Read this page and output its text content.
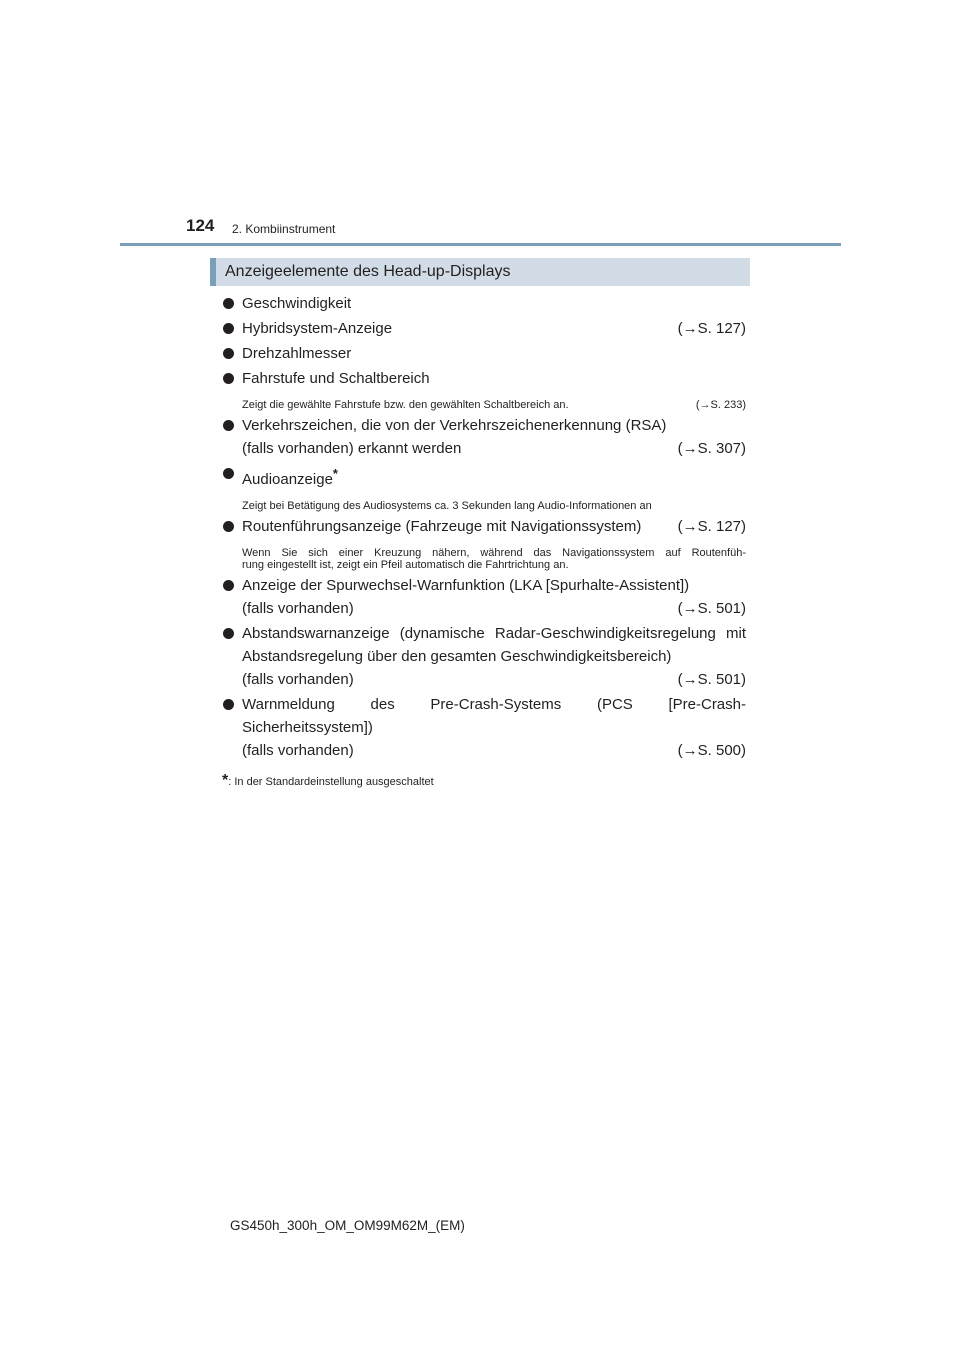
124 2. Kombiinstrument
Anzeigeelemente des Head-up-Displays
Geschwindigkeit
Hybridsystem-Anzeige	(→S. 127)
Drehzahlmesser
Fahrstufe und Schaltbereich
Zeigt die gewählte Fahrstufe bzw. den gewählten Schaltbereich an.	(→S. 233)
Verkehrszeichen, die von der Verkehrszeichenerkennung (RSA)
(falls vorhanden) erkannt werden	(→S. 307)
Audioanzeige*
Zeigt bei Betätigung des Audiosystems ca. 3 Sekunden lang Audio-Informationen an
Routenführungsanzeige (Fahrzeuge mit Navigationssystem) (→S. 127)
Wenn Sie sich einer Kreuzung nähern, während das Navigationssystem auf Routenfüh-
rung eingestellt ist, zeigt ein Pfeil automatisch die Fahrtrichtung an.
Anzeige der Spurwechsel-Warnfunktion (LKA [Spurhalte-Assistent])
(falls vorhanden)	(→S. 501)
Abstandswarnanzeige (dynamische Radar-Geschwindigkeitsregelung mit
Abstandsregelung über den gesamten Geschwindigkeitsbereich)
(falls vorhanden)	(→S. 501)
Warnmeldung des Pre-Crash-Systems (PCS [Pre-Crash-Sicherheitssystem])
(falls vorhanden)	(→S. 500)
*: In der Standardeinstellung ausgeschaltet
GS450h_300h_OM_OM99M62M_(EM)
